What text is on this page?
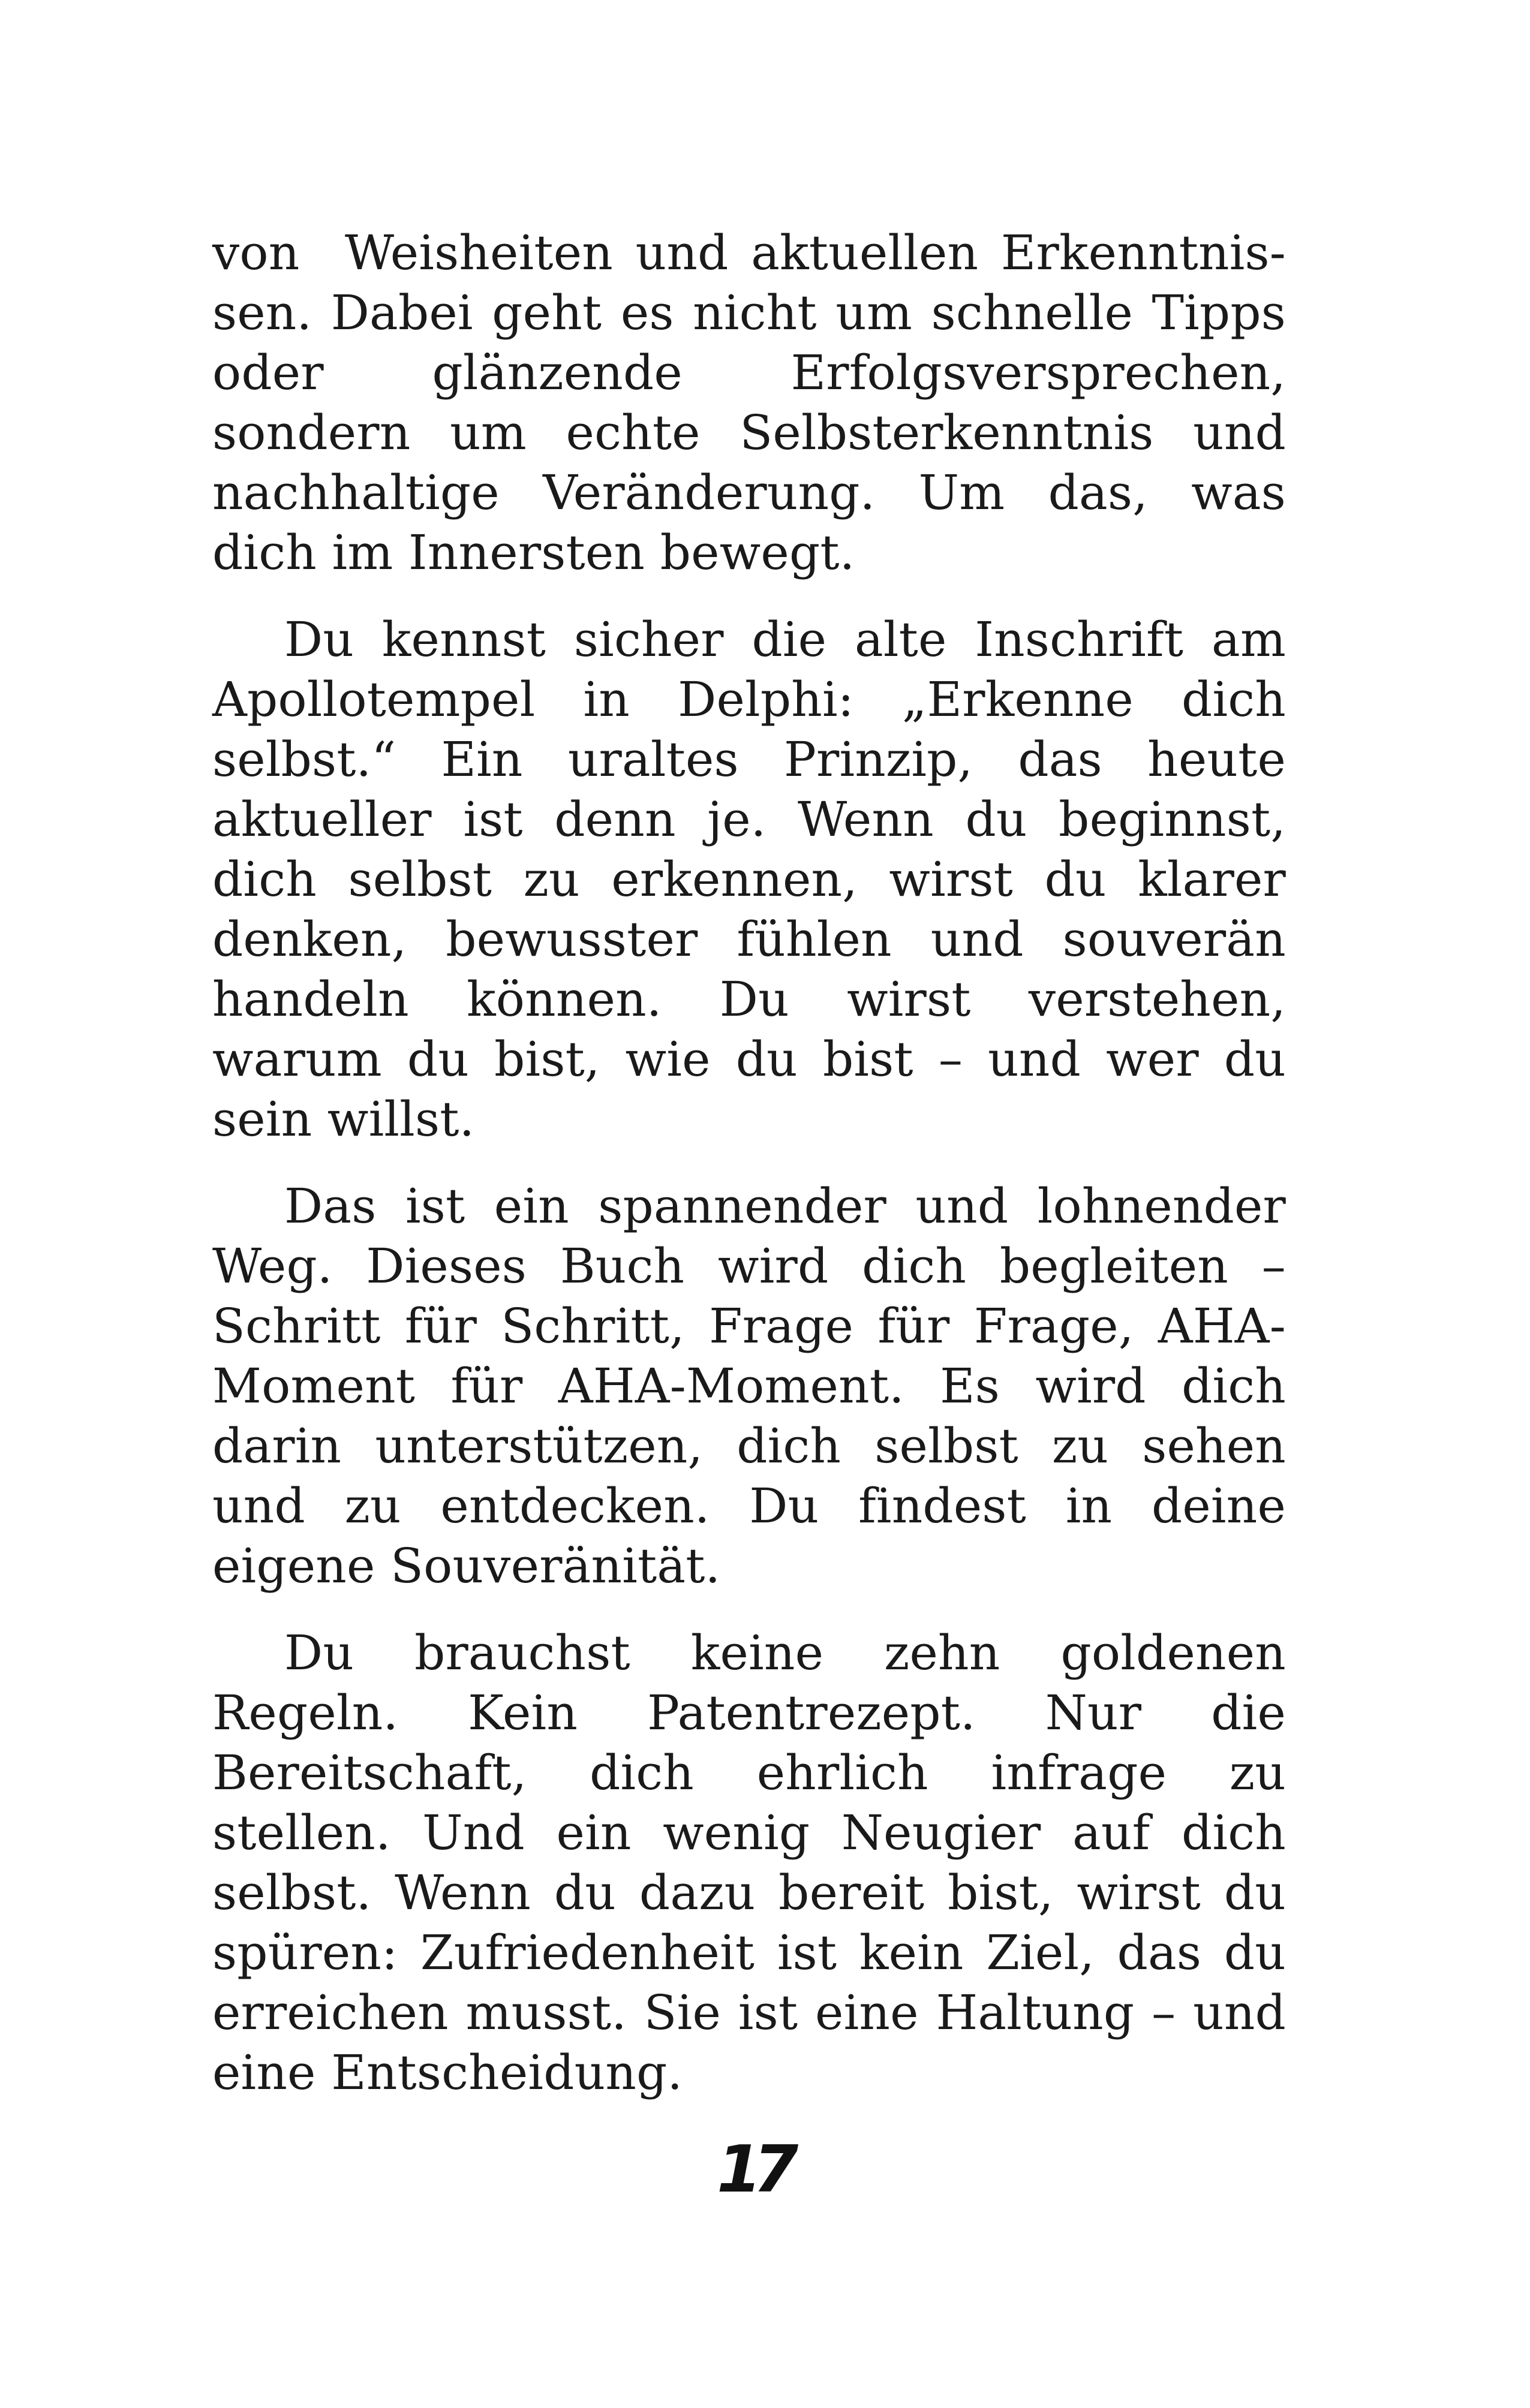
von  Weisheiten und aktuellen Erkenntnis-sen. Dabei geht es nicht um schnelle Tipps oder glänzende Erfolgsversprechen, sondern um echte Selbsterkenntnis und nachhaltige Veränderung. Um das, was dich im Innersten bewegt.

Du kennst sicher die alte Inschrift am Apollotempel in Delphi: „Erkenne dich selbst.“ Ein uraltes Prinzip, das heute aktueller ist denn je. Wenn du beginnst, dich selbst zu erkennen, wirst du klarer denken, bewusster fühlen und souverän handeln können. Du wirst verstehen, warum du bist, wie du bist – und wer du sein willst.

Das ist ein spannender und lohnender Weg. Dieses Buch wird dich begleiten – Schritt für Schritt, Frage für Frage, AHA-Moment für AHA-Moment. Es wird dich darin unterstützen, dich selbst zu sehen und zu entdecken. Du findest in deine eigene Souveränität.

Du brauchst keine zehn goldenen Regeln. Kein Patentrezept. Nur die Bereitschaft, dich ehrlich infrage zu stellen. Und ein wenig Neugier auf dich selbst. Wenn du dazu bereit bist, wirst du spüren: Zufriedenheit ist kein Ziel, das du erreichen musst. Sie ist eine Haltung – und eine Entscheidung.

17
